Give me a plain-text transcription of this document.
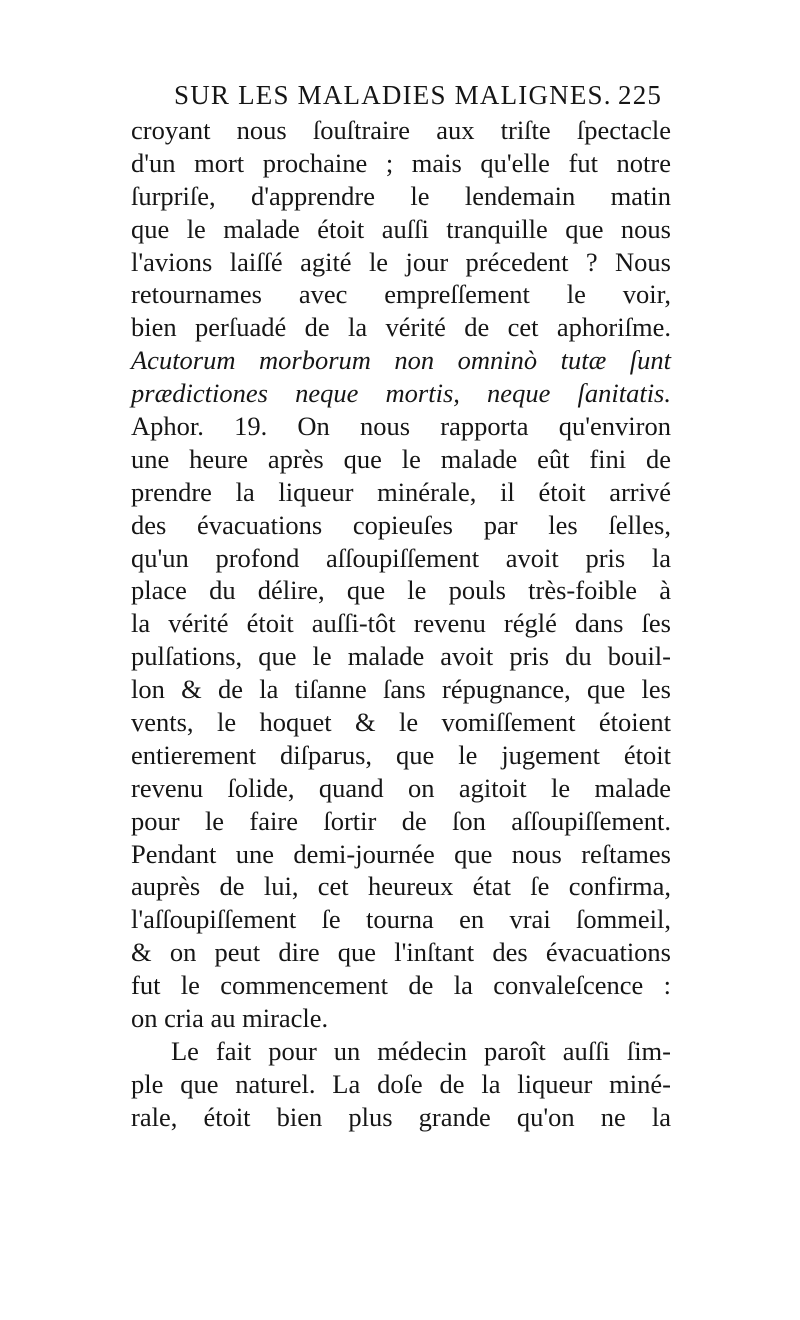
SUR LES MALADIES MALIGNES. 225
croyant nous ſouſtraire aux triſte ſpectacle
d'un mort prochaine ; mais qu'elle fut notre
ſurpriſe, d'apprendre le lendemain matin
que le malade étoit auſſi tranquille que nous
l'avions laiſſé agité le jour précedent ? Nous
retournames avec empreſſement le voir,
bien perſuadé de la vérité de cet aphoriſme.
Acutorum morborum non omninò tutæ ſunt
prædictiones neque mortis, neque ſanitatis.
Aphor. 19. On nous rapporta qu'environ
une heure après que le malade eût fini de
prendre la liqueur minérale, il étoit arrivé
des évacuations copieuſes par les ſelles,
qu'un profond aſſoupiſſement avoit pris la
place du délire, que le pouls très-foible à
la vérité étoit auſſi-tôt revenu réglé dans ſes
pulſations, que le malade avoit pris du bouil-
lon & de la tiſanne ſans répugnance, que les
vents, le hoquet & le vomiſſement étoient
entierement diſparus, que le jugement étoit
revenu ſolide, quand on agitoit le malade
pour le faire ſortir de ſon aſſoupiſſement.
Pendant une demi-journée que nous reſtames
auprès de lui, cet heureux état ſe confirma,
l'aſſoupiſſement ſe tourna en vrai ſommeil,
& on peut dire que l'inſtant des évacuations
fut le commencement de la convaleſcence :
on cria au miracle.
Le fait pour un médecin paroît auſſi ſim-
ple que naturel. La doſe de la liqueur miné-
rale, étoit bien plus grande qu'on ne la
